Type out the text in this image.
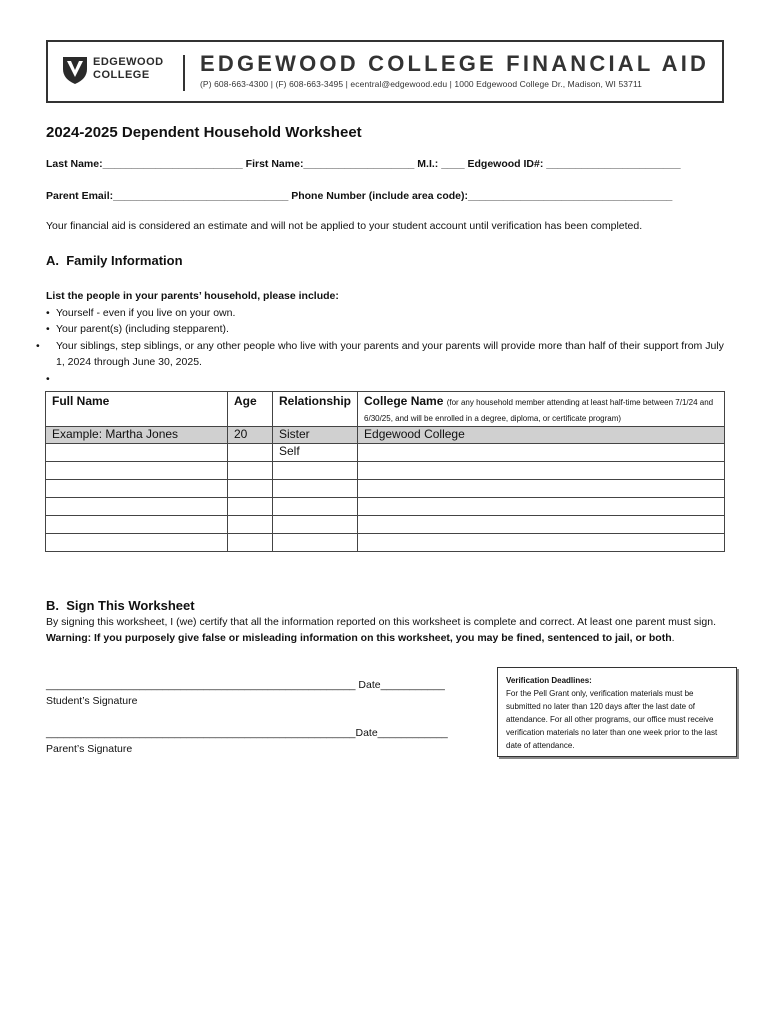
EDGEWOOD
COLLEGE EDGEWOOD COLLEGE FINANCIAL AID
(P) 608-663-4300 | (F) 608-663-3495 | ecentral@edgewood.edu | 1000 Edgewood College Dr., Madison, WI 53711
2024-2025 Dependent Household Worksheet
Last Name:________________________ First Name:___________________ M.I.: ____ Edgewood ID#: _______________________
Parent Email:______________________________ Phone Number (include area code):___________________________________
Your financial aid is considered an estimate and will not be applied to your student account until verification has been completed.
A.  Family Information
List the people in your parents’ household, please include:
• Yourself - even if you live on your own.
• Your parent(s) (including stepparent).
• Your siblings, step siblings, or any other people who live with your parents and your parents will provide more than half of their support from July 1, 2024 through June 30, 2025.
•
Full Name	Age	Relationship	College Name (for any household member attending at least half-time between 7/1/24 and 6/30/25, and will be enrolled in a degree, diploma, or certificate program)
Example: Martha Jones	20	Sister	Edgewood College
		Self	

B.  Sign This Worksheet
By signing this worksheet, I (we) certify that all the information reported on this worksheet is complete and correct. At least one parent must sign. Warning: If you purposely give false or misleading information on this worksheet, you may be fined, sentenced to jail, or both.
_____________________________________________________ Date___________
Student’s Signature
_____________________________________________________Date____________
Parent’s Signature
Verification Deadlines:
For the Pell Grant only, verification materials must be submitted no later than 120 days after the last date of attendance. For all other programs, our office must receive verification materials no later than one week prior to the last date of attendance.
